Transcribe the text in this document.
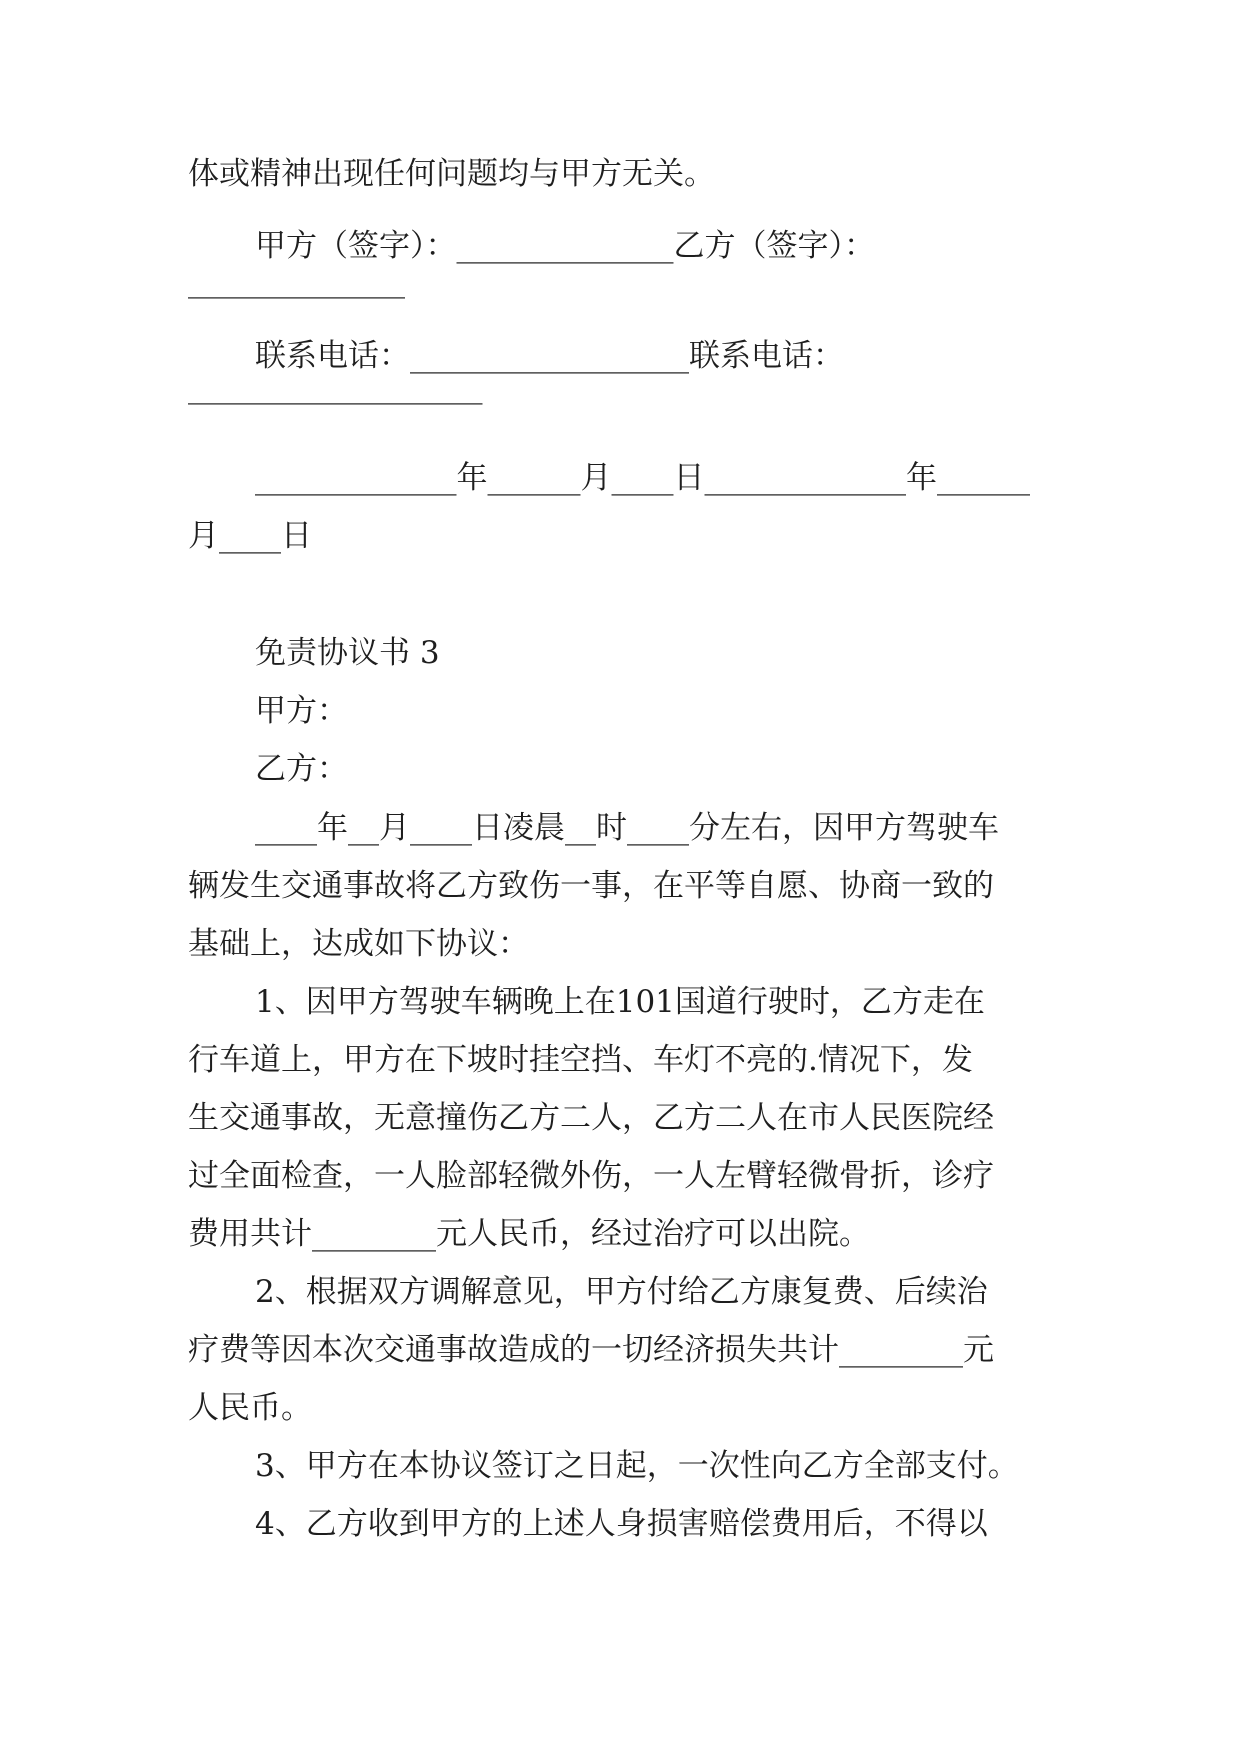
体或精神出现任何问题均与甲方无关。
甲方（签字）：______________乙方（签字）：
______________
联系电话：__________________联系电话：
___________________
_____________年______月____日_____________年______
月____日
免责协议书 3
甲方：
乙方：
____年__月____日凌晨__时____分左右，因甲方驾驶车
辆发生交通事故将乙方致伤一事，在平等自愿、协商一致的
基础上，达成如下协议：
1、因甲方驾驶车辆晚上在101国道行驶时，乙方走在
行车道上，甲方在下坡时挂空挡、车灯不亮的.情况下，发
生交通事故，无意撞伤乙方二人，乙方二人在市人民医院经
过全面检查，一人脸部轻微外伤，一人左臂轻微骨折，诊疗
费用共计________元人民币，经过治疗可以出院。
2、根据双方调解意见，甲方付给乙方康复费、后续治
疗费等因本次交通事故造成的一切经济损失共计________元
人民币。
3、甲方在本协议签订之日起，一次性向乙方全部支付。
4、乙方收到甲方的上述人身损害赔偿费用后，不得以
